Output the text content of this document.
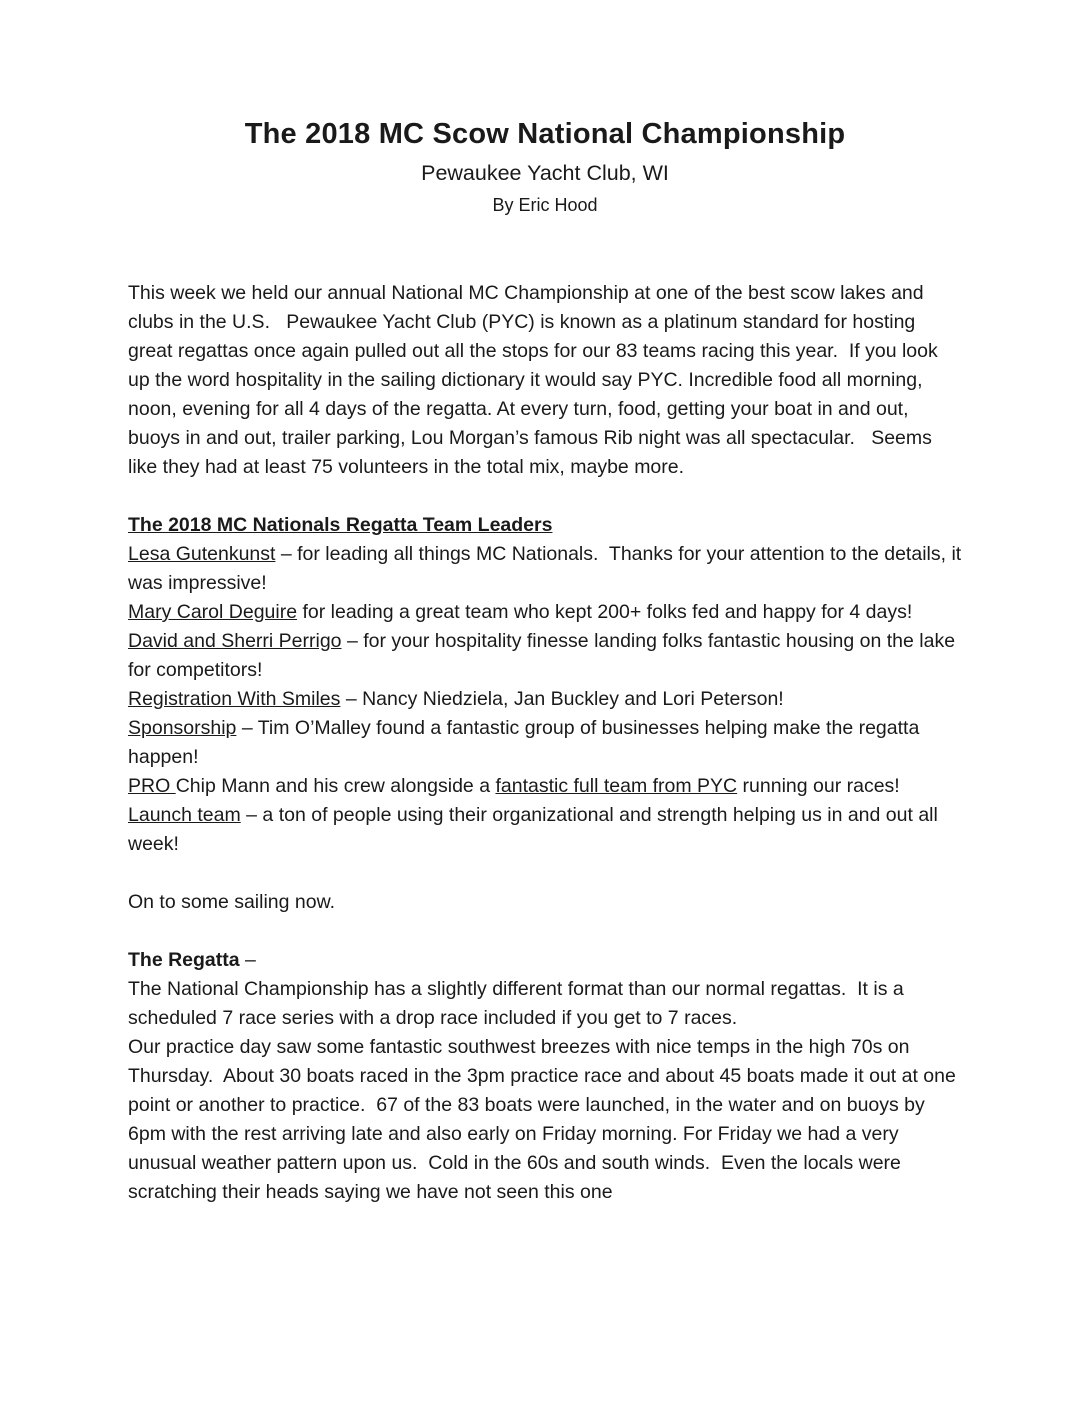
The 2018 MC Scow National Championship
Pewaukee Yacht Club, WI
By Eric Hood

This week we held our annual National MC Championship at one of the best scow lakes and clubs in the U.S.   Pewaukee Yacht Club (PYC) is known as a platinum standard for hosting great regattas once again pulled out all the stops for our 83 teams racing this year.  If you look up the word hospitality in the sailing dictionary it would say PYC. Incredible food all morning, noon, evening for all 4 days of the regatta. At every turn, food, getting your boat in and out, buoys in and out, trailer parking, Lou Morgan’s famous Rib night was all spectacular.   Seems like they had at least 75 volunteers in the total mix, maybe more.

The 2018 MC Nationals Regatta Team Leaders

Lesa Gutenkunst – for leading all things MC Nationals.  Thanks for your attention to the details, it was impressive!

Mary Carol Deguire for leading a great team who kept 200+ folks fed and happy for 4 days!

David and Sherri Perrigo – for your hospitality finesse landing folks fantastic housing on the lake for competitors!

Registration With Smiles – Nancy Niedziela, Jan Buckley and Lori Peterson!

Sponsorship – Tim O’Malley found a fantastic group of businesses helping make the regatta happen!

PRO Chip Mann and his crew alongside a fantastic full team from PYC running our races!

Launch team – a ton of people using their organizational and strength helping us in and out all week!

On to some sailing now.

The Regatta –

The National Championship has a slightly different format than our normal regattas.  It is a scheduled 7 race series with a drop race included if you get to 7 races.

Our practice day saw some fantastic southwest breezes with nice temps in the high 70s on Thursday.  About 30 boats raced in the 3pm practice race and about 45 boats made it out at one point or another to practice.  67 of the 83 boats were launched, in the water and on buoys by 6pm with the rest arriving late and also early on Friday morning. For Friday we had a very unusual weather pattern upon us.  Cold in the 60s and south winds.  Even the locals were scratching their heads saying we have not seen this one
